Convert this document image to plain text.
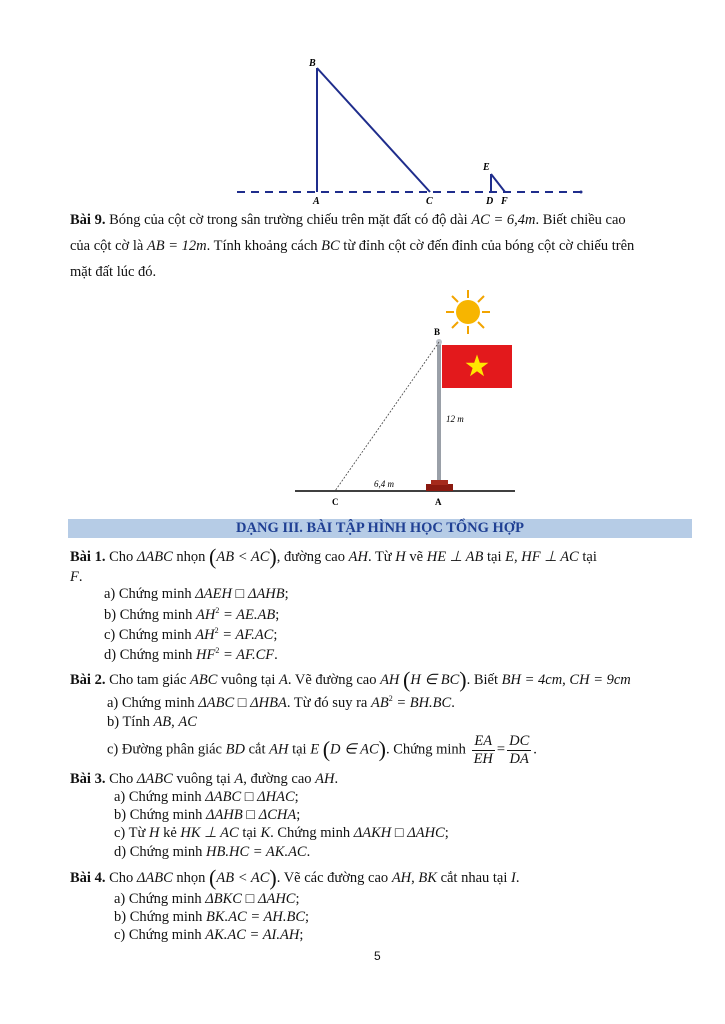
B
A	C
E
D F
Bài 9. Bóng của cột cờ trong sân trường chiếu trên mặt đất có độ dài AC = 6,4m. Biết chiều cao
của cột cờ là AB = 12m. Tính khoảng cách BC từ đỉnh cột cờ đến đỉnh của bóng cột cờ chiếu trên
mặt đất lúc đó.
B
A
C
12 m
6,4 m
DẠNG III. BÀI TẬP HÌNH HỌC TỔNG HỢP
Bài 1. Cho ΔABC nhọn (AB < AC), đường cao AH. Từ H vẽ HE ⊥ AB tại E, HF ⊥ AC tại
F.
a) Chứng minh ΔAEH □ ΔAHB;
b) Chứng minh $AH^2 = AE.AB$;
c) Chứng minh $AH^2 = AF.AC$;
d) Chứng minh $HF^2 = AF.CF$.
Bài 2. Cho tam giác ABC vuông tại A. Vẽ đường cao AH (H ∈ BC). Biết BH = 4cm, CH = 9cm
a) Chứng minh ΔABC □ ΔHBA. Từ đó suy ra $AB^2 = BH.BC$.
b) Tính AB, AC
c) Đường phân giác BD cắt AH tại E (D ∈ AC). Chứng minh $\frac{EA}{EH} = \frac{DC}{DA}$ .
Bài 3. Cho ΔABC vuông tại A, đường cao AH.
a) Chứng minh ΔABC □ ΔHAC;
b) Chứng minh ΔAHB □ ΔCHA;
c) Từ H kẻ HK ⊥ AC tại K. Chứng minh ΔAKH □ ΔAHC;
d) Chứng minh HB.HC = AK.AC.
Bài 4. Cho ΔABC nhọn (AB < AC). Vẽ các đường cao AH, BK cắt nhau tại I.
a) Chứng minh ΔBKC □ ΔAHC;
b) Chứng minh BK.AC = AH.BC;
c) Chứng minh AK.AC = AI.AH;
5
